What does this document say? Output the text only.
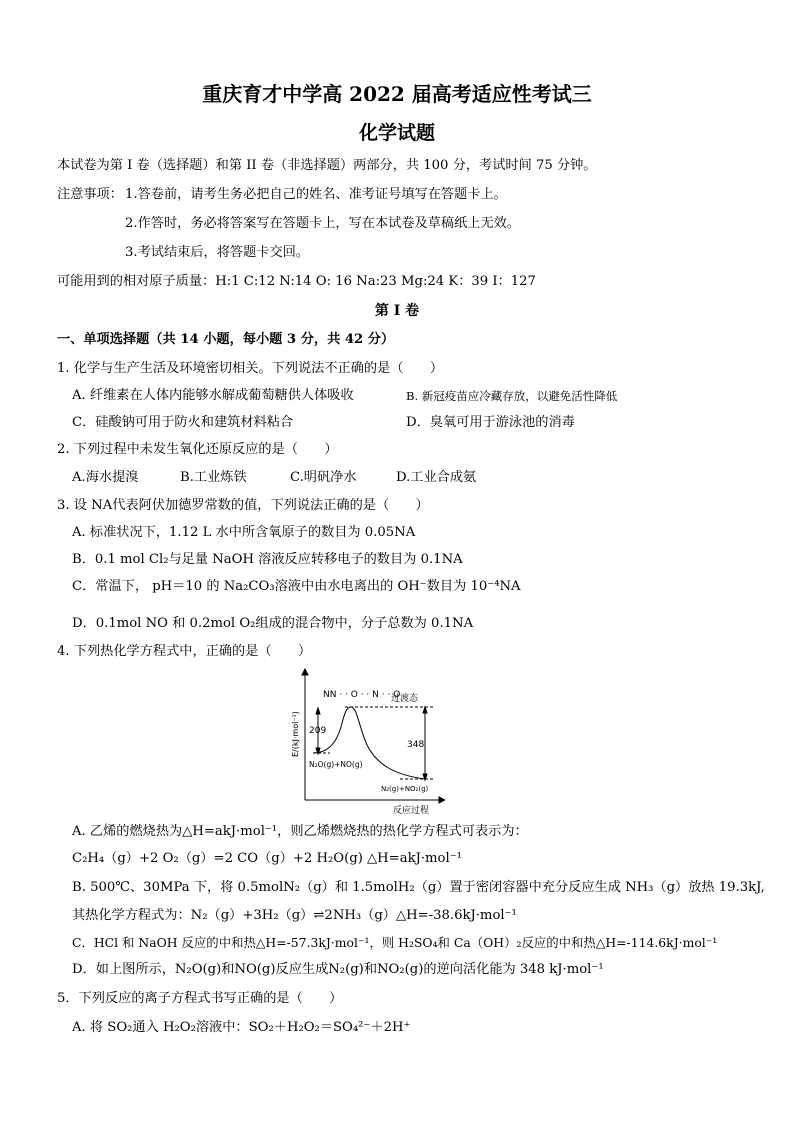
重庆育才中学高 2022 届高考适应性考试三
化学试题
本试卷为第 I 卷（选择题）和第 II 卷（非选择题）两部分，共 100 分，考试时间 75 分钟。
注意事项： 1.答卷前，请考生务必把自己的姓名、准考证号填写在答题卡上。
2.作答时，务必将答案写在答题卡上，写在本试卷及草稿纸上无效。
3.考试结束后，将答题卡交回。
可能用到的相对原子质量：H:1 C:12 N:14 O: 16 Na:23 Mg:24 K：39 I：127
第 I 卷
一、单项选择题（共 14 小题，每小题 3 分，共 42 分）
1. 化学与生产生活及环境密切相关。下列说法不正确的是（　　）
A. 纤维素在人体内能够水解成葡萄糖供人体吸收	B. 新冠疫苗应冷藏存放，以避免活性降低
C．硅酸钠可用于防火和建筑材料粘合	D．臭氧可用于游泳池的消毒
2. 下列过程中未发生氧化还原反应的是（　　）
A.海水提溴	B.工业炼铁	C.明矾净水	D.工业合成氨
3. 设 NA代表阿伏加德罗常数的值，下列说法正确的是（　　）
A. 标准状况下，1.12 L 水中所含氧原子的数目为 0.05NA
B．0.1 mol Cl₂与足量 NaOH 溶液反应转移电子的数目为 0.1NA
C．常温下， pH＝10 的 Na₂CO₃溶液中由水电离出的 OH⁻数目为 10⁻⁴NA
D．0.1mol NO 和 0.2mol O₂组成的混合物中，分子总数为 0.1NA
4. 下列热化学方程式中，正确的是（　　）
NN · · O · · N · · O
过渡态
209
348
N₂O(g)+NO(g)
N₂(g)+NO₂(g)
反应过程
E/(kJ·mol⁻¹)
A. 乙烯的燃烧热为△H=akJ·mol⁻¹，则乙烯燃烧热的热化学方程式可表示为：
C₂H₄（g）+2 O₂（g）=2 CO（g）+2 H₂O(g) △H=akJ·mol⁻¹
B. 500℃、30MPa 下，将 0.5molN₂（g）和 1.5molH₂（g）置于密闭容器中充分反应生成 NH₃（g）放热 19.3kJ,
其热化学方程式为：N₂（g）+3H₂（g）⇌2NH₃（g）△H=-38.6kJ·mol⁻¹
C．HCl 和 NaOH 反应的中和热△H=-57.3kJ·mol⁻¹，则 H₂SO₄和 Ca（OH）₂反应的中和热△H=-114.6kJ·mol⁻¹
D．如上图所示，N₂O(g)和NO(g)反应生成N₂(g)和NO₂(g)的逆向活化能为 348 kJ·mol⁻¹
5．下列反应的离子方程式书写正确的是（　　）
A. 将 SO₂通入 H₂O₂溶液中：SO₂＋H₂O₂＝SO₄²⁻＋2H⁺
